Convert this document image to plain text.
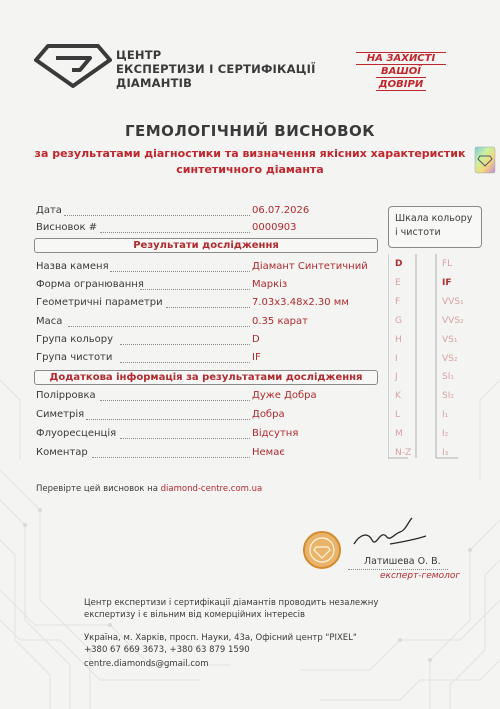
ЦЕНТР
ЕКСПЕРТИЗИ І СЕРТИФІКАЦІЇ
ДІАМАНТІВ
НА ЗАХИСТІ
ВАШОЇ
ДОВІРИ
ГЕМОЛОГІЧНИЙ ВИСНОВОК
за результатами діагностики та визначення якісних характеристик
синтетичного діаманта
Дата	06.07.2026
Висновок #	0000903
Результати дослідження
Назва каменя	Діамант Синтетичний
Форма огранювання	Маркіз
Геометричні параметри	7.03x3.48x2.30 мм
Маса	0.35 карат
Група кольору	D
Група чистоти	IF
Додаткова інформація за результатами дослідження
Полірровка	Дуже Добра
Симетрія	Добра
Флуоресценція	Відсутня
Коментар	Немає
Шкала кольору
і чистоти
D
E
F
G
H
I
J
K
L
M
N-Z
FL
IF
VVS₁
VVS₂
VS₁
VS₂
SI₁
SI₂
I₁
I₂
I₃
Перевірте цей висновок на diamond-centre.com.ua
Латишева О. В.
експерт-гемолог
Центр експертизи і сертифікації діамантів проводить незалежну
експертизу і є вільним від комерційних інтересів
Україна, м. Харків, просп. Науки, 43а, Офісний центр "PIXEL"
+380 67 669 3673, +380 63 879 1590
centre.diamonds@gmail.com
